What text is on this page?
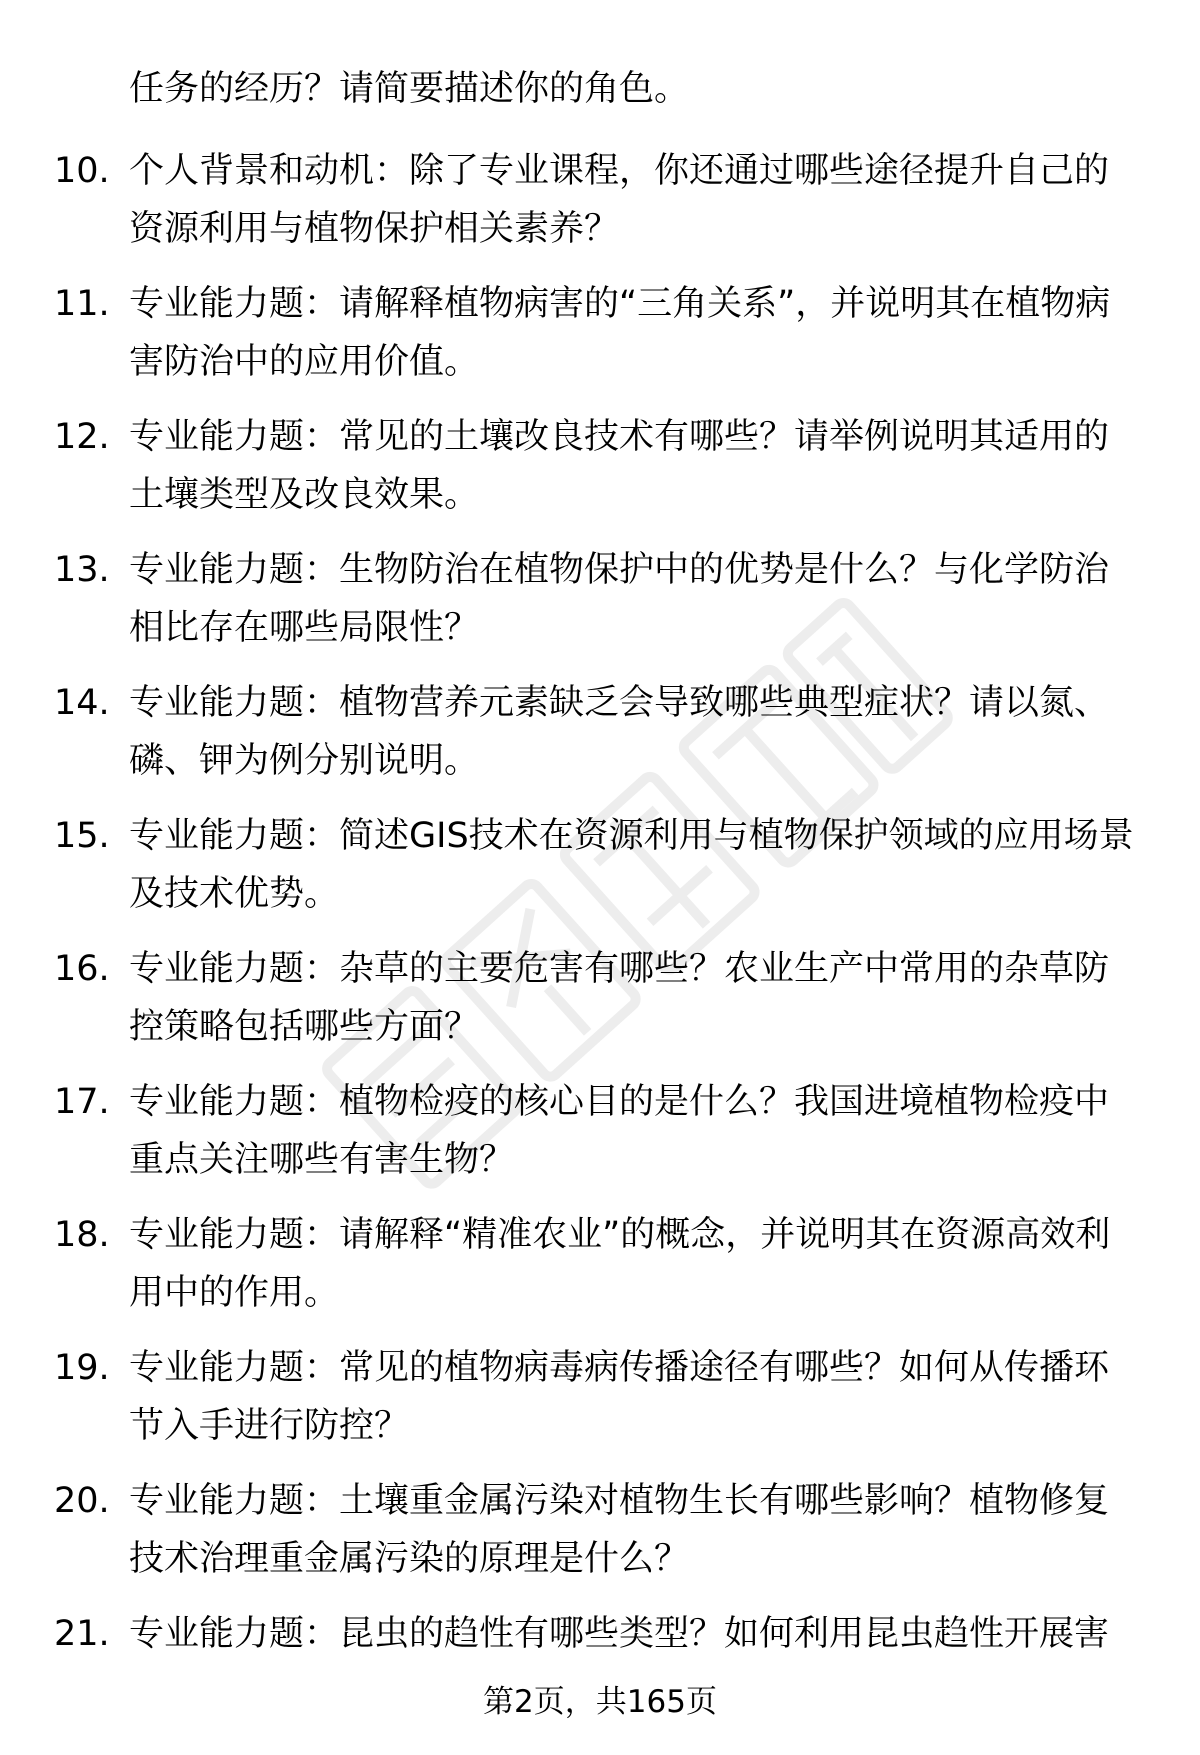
任务的经历？请简要描述你的角色。
10. 个人背景和动机：除了专业课程，你还通过哪些途径提升自己的资源利用与植物保护相关素养？
11. 专业能力题：请解释植物病害的“三角关系”，并说明其在植物病害防治中的应用价值。
12. 专业能力题：常见的土壤改良技术有哪些？请举例说明其适用的土壤类型及改良效果。
13. 专业能力题：生物防治在植物保护中的优势是什么？与化学防治相比存在哪些局限性？
14. 专业能力题：植物营养元素缺乏会导致哪些典型症状？请以氮、磷、钾为例分别说明。
15. 专业能力题：简述GIS技术在资源利用与植物保护领域的应用场景及技术优势。
16. 专业能力题：杂草的主要危害有哪些？农业生产中常用的杂草防控策略包括哪些方面？
17. 专业能力题：植物检疫的核心目的是什么？我国进境植物检疫中重点关注哪些有害生物？
18. 专业能力题：请解释“精准农业”的概念，并说明其在资源高效利用中的作用。
19. 专业能力题：常见的植物病毒病传播途径有哪些？如何从传播环节入手进行防控？
20. 专业能力题：土壤重金属污染对植物生长有哪些影响？植物修复技术治理重金属污染的原理是什么？
21. 专业能力题：昆虫的趋性有哪些类型？如何利用昆虫趋性开展害
第2页，共165页
